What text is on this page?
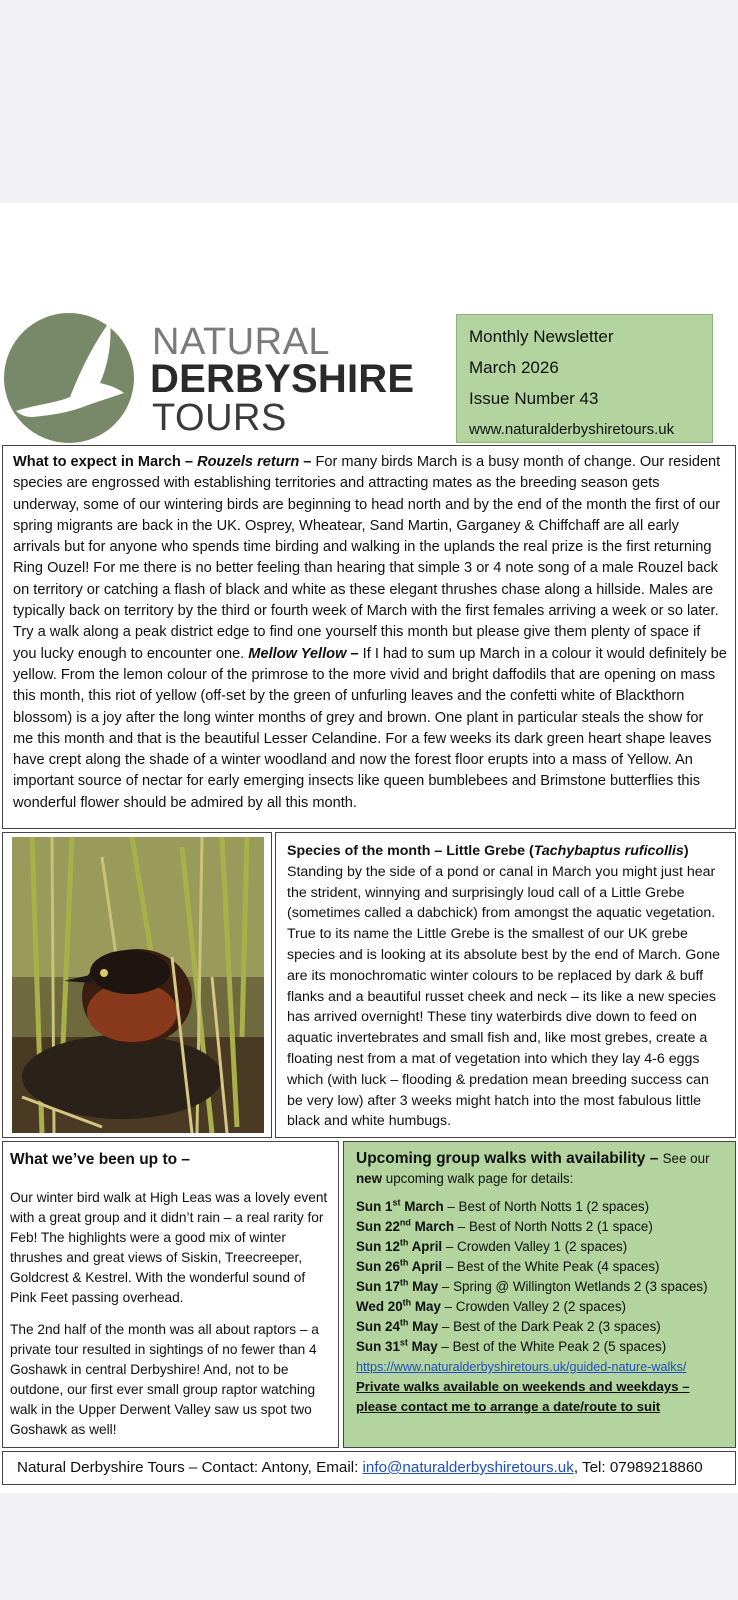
NATURAL
DERBYSHIRE
TOURS
Monthly Newsletter
March 2026
Issue Number 43
www.naturalderbyshiretours.uk
What to expect in March – Rouzels return – For many birds March is a busy month of change. Our resident species are engrossed with establishing territories and attracting mates as the breeding season gets underway, some of our wintering birds are beginning to head north and by the end of the month the first of our spring migrants are back in the UK. Osprey, Wheatear, Sand Martin, Garganey & Chiffchaff are all early arrivals but for anyone who spends time birding and walking in the uplands the real prize is the first returning Ring Ouzel! For me there is no better feeling than hearing that simple 3 or 4 note song of a male Rouzel back on territory or catching a flash of black and white as these elegant thrushes chase along a hillside. Males are typically back on territory by the third or fourth week of March with the first females arriving a week or so later. Try a walk along a peak district edge to find one yourself this month but please give them plenty of space if you lucky enough to encounter one. Mellow Yellow – If I had to sum up March in a colour it would definitely be yellow. From the lemon colour of the primrose to the more vivid and bright daffodils that are opening on mass this month, this riot of yellow (off-set by the green of unfurling leaves and the confetti white of Blackthorn blossom) is a joy after the long winter months of grey and brown. One plant in particular steals the show for me this month and that is the beautiful Lesser Celandine. For a few weeks its dark green heart shape leaves have crept along the shade of a winter woodland and now the forest floor erupts into a mass of Yellow. An important source of nectar for early emerging insects like queen bumblebees and Brimstone butterflies this wonderful flower should be admired by all this month.
Species of the month – Little Grebe (Tachybaptus ruficollis)
Standing by the side of a pond or canal in March you might just hear the strident, winnying and surprisingly loud call of a Little Grebe (sometimes called a dabchick) from amongst the aquatic vegetation. True to its name the Little Grebe is the smallest of our UK grebe species and is looking at its absolute best by the end of March. Gone are its monochromatic winter colours to be replaced by dark & buff flanks and a beautiful russet cheek and neck – its like a new species has arrived overnight! These tiny waterbirds dive down to feed on aquatic invertebrates and small fish and, like most grebes, create a floating nest from a mat of vegetation into which they lay 4-6 eggs which (with luck – flooding & predation mean breeding success can be very low) after 3 weeks might hatch into the most fabulous little black and white humbugs.
What we’ve been up to –

Our winter bird walk at High Leas was a lovely event with a great group and it didn’t rain – a real rarity for Feb! The highlights were a good mix of winter thrushes and great views of Siskin, Treecreeper, Goldcrest & Kestrel. With the wonderful sound of Pink Feet passing overhead.

The 2nd half of the month was all about raptors – a private tour resulted in sightings of no fewer than 4 Goshawk in central Derbyshire! And, not to be outdone, our first ever small group raptor watching walk in the Upper Derwent Valley saw us spot two Goshawk as well!

Upcoming group walks with availability – See our
new upcoming walk page for details:
Sun 1st March – Best of North Notts 1 (2 spaces)
Sun 22nd March – Best of North Notts 2 (1 space)
Sun 12th April – Crowden Valley 1 (2 spaces)
Sun 26th April – Best of the White Peak (4 spaces)
Sun 17th May – Spring @ Willington Wetlands 2 (3 spaces)
Wed 20th May – Crowden Valley 2 (2 spaces)
Sun 24th May – Best of the Dark Peak 2 (3 spaces)
Sun 31st May – Best of the White Peak 2 (5 spaces)
https://www.naturalderbyshiretours.uk/guided-nature-walks/
Private walks available on weekends and weekdays – please contact me to arrange a date/route to suit
Natural Derbyshire Tours – Contact: Antony, Email: info@naturalderbyshiretours.uk, Tel: 07989218860
